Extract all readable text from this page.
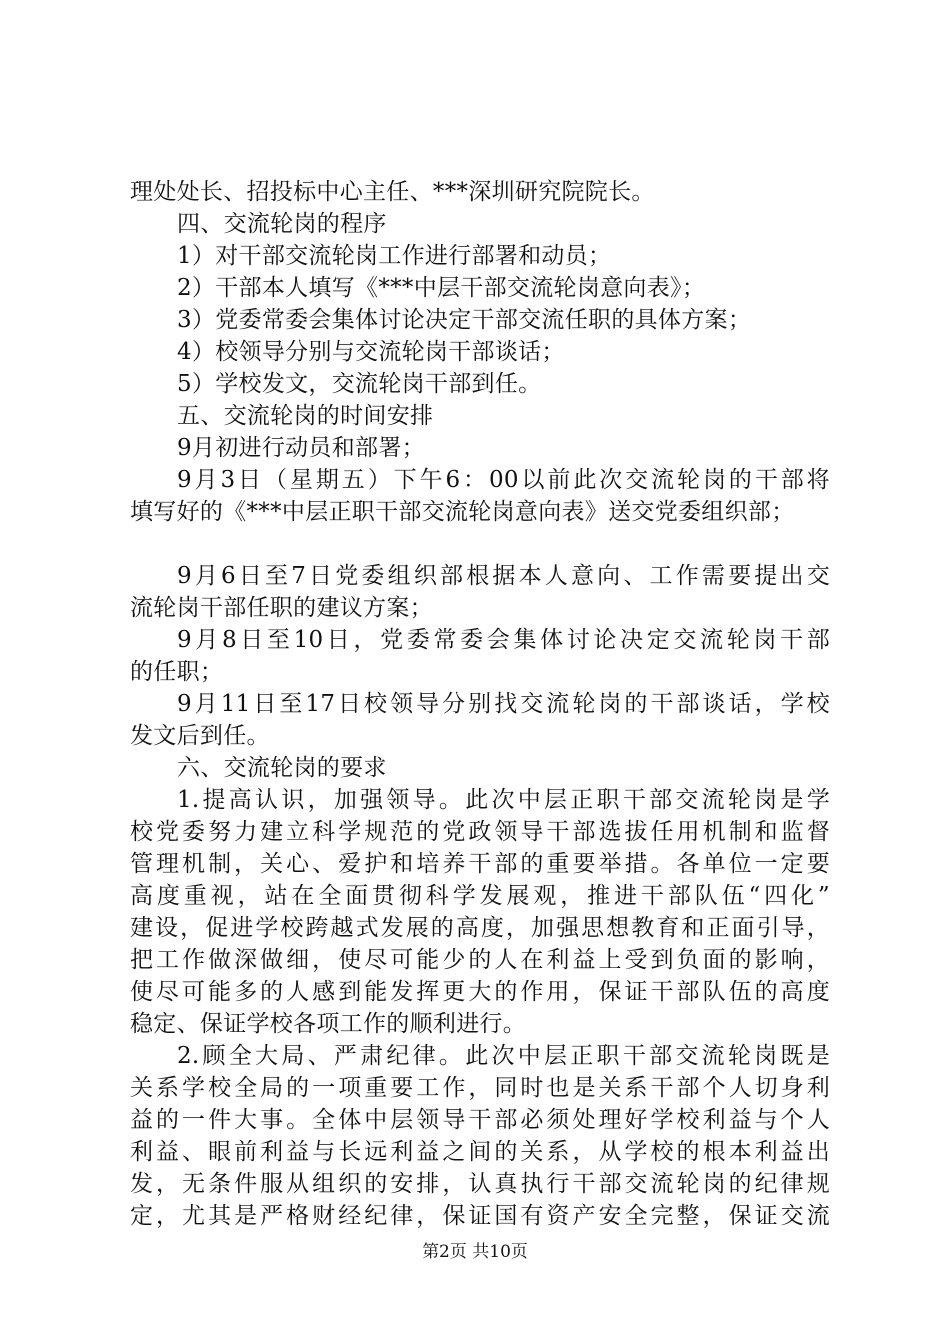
理处处长、招投标中心主任、***深圳研究院院长。
四、交流轮岗的程序
1）对干部交流轮岗工作进行部署和动员；
2）干部本人填写《***中层干部交流轮岗意向表》；
3）党委常委会集体讨论决定干部交流任职的具体方案；
4）校领导分别与交流轮岗干部谈话；
5）学校发文，交流轮岗干部到任。
五、交流轮岗的时间安排
9月初进行动员和部署；
9月3日（星期五）下午6：00以前此次交流轮岗的干部将
填写好的《***中层正职干部交流轮岗意向表》送交党委组织部；
9月6日至7日党委组织部根据本人意向、工作需要提出交
流轮岗干部任职的建议方案；
9月8日至10日，党委常委会集体讨论决定交流轮岗干部
的任职；
9月11日至17日校领导分别找交流轮岗的干部谈话，学校
发文后到任。
六、交流轮岗的要求
1.提高认识，加强领导。此次中层正职干部交流轮岗是学
校党委努力建立科学规范的党政领导干部选拔任用机制和监督
管理机制，关心、爱护和培养干部的重要举措。各单位一定要
高度重视，站在全面贯彻科学发展观，推进干部队伍“四化”
建设，促进学校跨越式发展的高度，加强思想教育和正面引导，
把工作做深做细，使尽可能少的人在利益上受到负面的影响，
使尽可能多的人感到能发挥更大的作用，保证干部队伍的高度
稳定、保证学校各项工作的顺利进行。
2.顾全大局、严肃纪律。此次中层正职干部交流轮岗既是
关系学校全局的一项重要工作，同时也是关系干部个人切身利
益的一件大事。全体中层领导干部必须处理好学校利益与个人
利益、眼前利益与长远利益之间的关系，从学校的根本利益出
发，无条件服从组织的安排，认真执行干部交流轮岗的纪律规
定，尤其是严格财经纪律，保证国有资产安全完整，保证交流
第2页 共10页
